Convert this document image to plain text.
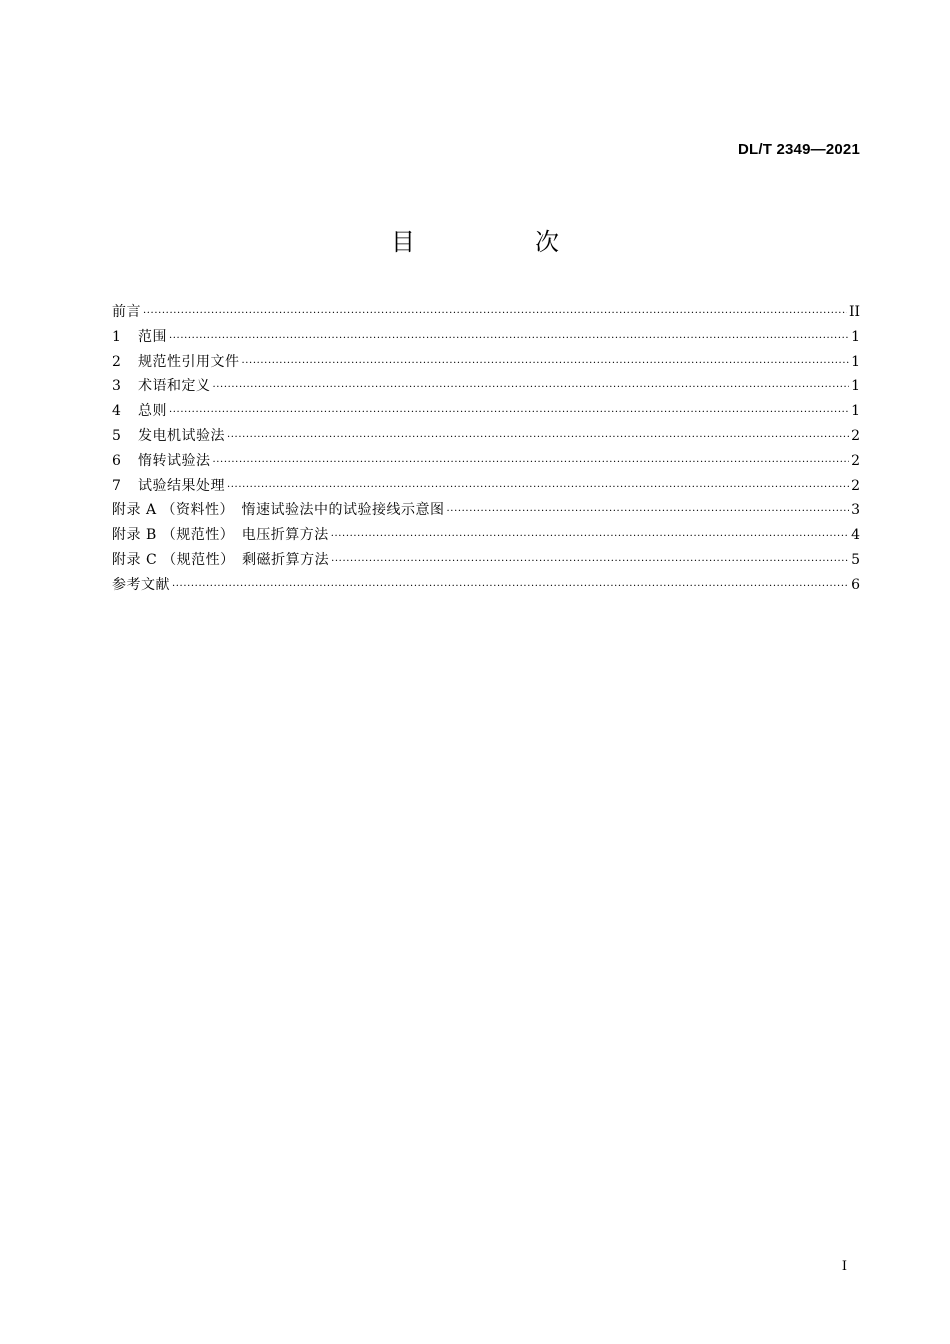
DL/T 2349—2021
目　次
前言 ·····	II
1	范围 ·····	1
2	规范性引用文件 ·····	1
3	术语和定义 ·····	1
4	总则 ·····	1
5	发电机试验法 ·····	2
6	惰转试验法 ·····	2
7	试验结果处理 ·····	2
附录 A （资料性）　惰速试验法中的试验接线示意图 ·····	3
附录 B （规范性）　电压折算方法 ·····	4
附录 C （规范性）　剩磁折算方法 ·····	5
参考文献 ·····	6
I
